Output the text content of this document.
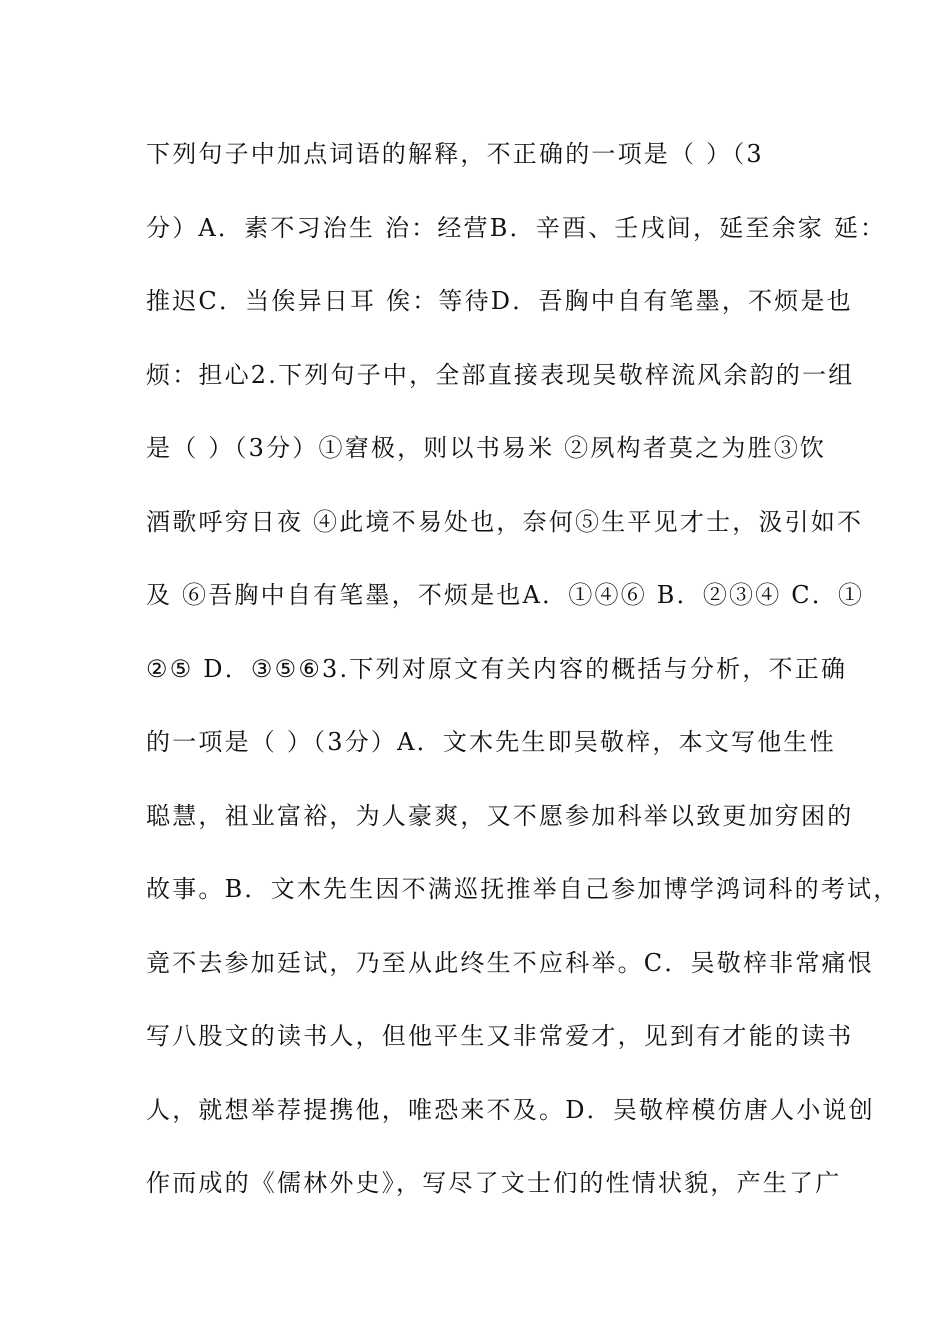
下列句子中加点词语的解释，不正确的一项是（ ）（3
分）A．素不习治生 治：经营B．辛酉、壬戌间，延至余家 延：
推迟C．当俟异日耳 俟：等待D．吾胸中自有笔墨，不烦是也
烦：担心2.下列句子中，全部直接表现吴敬梓流风余韵的一组
是（ ）（3分）①窘极，则以书易米 ②夙构者莫之为胜③饮
酒歌呼穷日夜 ④此境不易处也，奈何⑤生平见才士，汲引如不
及 ⑥吾胸中自有笔墨，不烦是也A．①④⑥ B．②③④ C．①
②⑤ D．③⑤⑥3.下列对原文有关内容的概括与分析，不正确
的一项是（ ）（3分）A．文木先生即吴敬梓，本文写他生性
聪慧，祖业富裕，为人豪爽，又不愿参加科举以致更加穷困的
故事。B．文木先生因不满巡抚推举自己参加博学鸿词科的考试，
竟不去参加廷试，乃至从此终生不应科举。C．吴敬梓非常痛恨
写八股文的读书人，但他平生又非常爱才，见到有才能的读书
人，就想举荐提携他，唯恐来不及。D．吴敬梓模仿唐人小说创
作而成的《儒林外史》，写尽了文士们的性情状貌，产生了广
